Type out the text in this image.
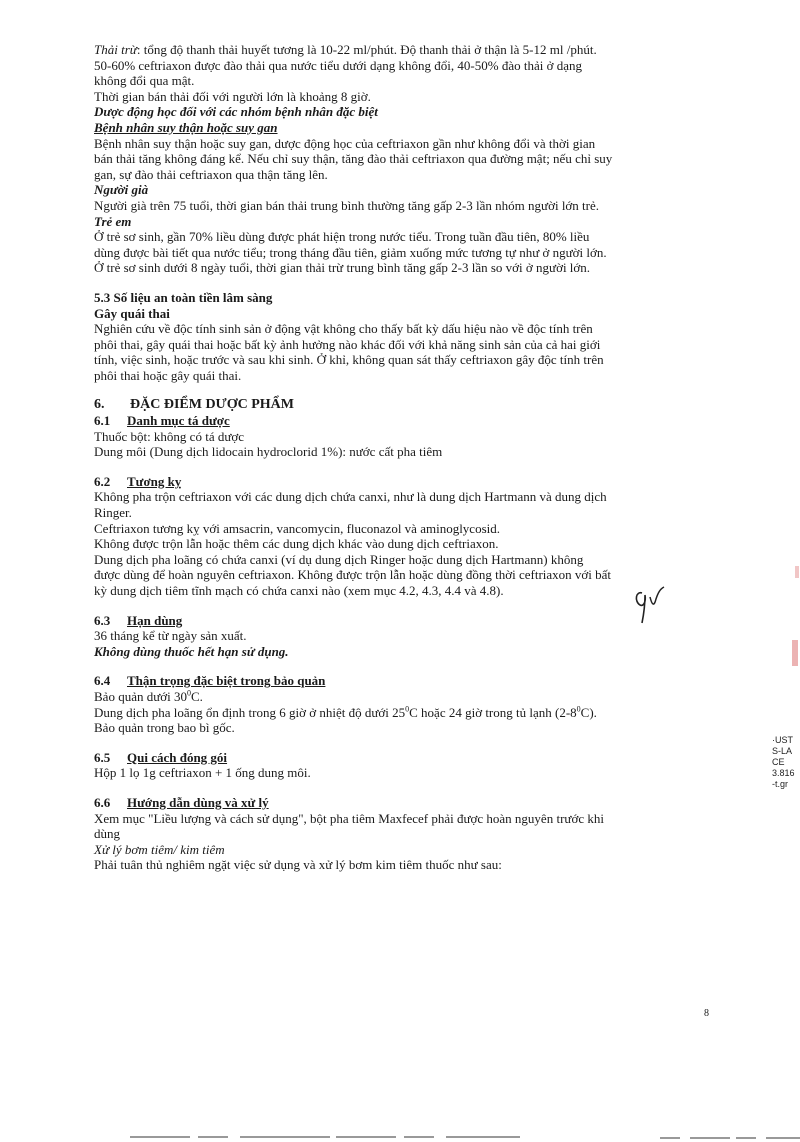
Thải trừ: tổng độ thanh thải huyết tương là 10-22 ml/phút. Độ thanh thải ở thận là 5-12 ml /phút.

50-60% ceftriaxon được đào thải qua nước tiểu dưới dạng không đổi, 40-50% đào thải ở dạng

không đổi qua mật.

Thời gian bán thải đối với người lớn là khoảng 8 giờ.

Dược động học đối với các nhóm bệnh nhân đặc biệt

Bệnh nhân suy thận hoặc suy gan

Bệnh nhân suy thận hoặc suy gan, dược động học của ceftriaxon gần như không đổi và thời gian

bán thải tăng không đáng kể. Nếu chỉ suy thận, tăng đào thải ceftriaxon qua đường mật; nếu chỉ suy

gan, sự đào thải ceftriaxon qua thận tăng lên.

Người già

Người già trên 75 tuổi, thời gian bán thải trung bình thường tăng gấp 2-3 lần nhóm người lớn trẻ.

Trẻ em

Ở trẻ sơ sinh, gần 70% liều dùng được phát hiện trong nước tiểu. Trong tuần đầu tiên, 80% liều

dùng được bài tiết qua nước tiểu; trong tháng đầu tiên, giảm xuống mức tương tự như ở người lớn.

Ở trẻ sơ sinh dưới 8 ngày tuổi, thời gian thải trừ trung bình tăng gấp 2-3 lần so với ở người lớn.

5.3 Số liệu an toàn tiền lâm sàng

Gây quái thai

Nghiên cứu về độc tính sinh sản ở động vật không cho thấy bất kỳ dấu hiệu nào về độc tính trên

phôi thai, gây quái thai hoặc bất kỳ ảnh hưởng nào khác đối với khả năng sinh sản của cả hai giới

tính, việc sinh, hoặc trước và sau khi sinh. Ở khỉ, không quan sát thấy ceftriaxon gây độc tính trên

phôi thai hoặc gây quái thai.

6. ĐẶC ĐIỂM DƯỢC PHẨM

6.1 Danh mục tá dược

Thuốc bột: không có tá dược

Dung môi (Dung dịch lidocain hydroclorid 1%): nước cất pha tiêm

6.2 Tương kỵ

Không pha trộn ceftriaxon với các dung dịch chứa canxi, như là dung dịch Hartmann và dung dịch

Ringer.

Ceftriaxon tương kỵ với amsacrin, vancomycin, fluconazol và aminoglycosid.

Không được trộn lẫn hoặc thêm các dung dịch khác vào dung dịch ceftriaxon.

Dung dịch pha loãng có chứa canxi (ví dụ dung dịch Ringer hoặc dung dịch Hartmann) không

được dùng để hoàn nguyên ceftriaxon. Không được trộn lẫn hoặc dùng đồng thời ceftriaxon với bất

kỳ dung dịch tiêm tĩnh mạch có chứa canxi nào (xem mục 4.2, 4.3, 4.4 và 4.8).

6.3 Hạn dùng

36 tháng kể từ ngày sản xuất.

Không dùng thuốc hết hạn sử dụng.

6.4 Thận trọng đặc biệt trong bảo quản

Bảo quản dưới $30^0C$.

Dung dịch pha loãng ổn định trong 6 giờ ở nhiệt độ dưới $25^0C$ hoặc 24 giờ trong tủ lạnh $(2-8^0C)$.

Bảo quản trong bao bì gốc.

6.5 Qui cách đóng gói

Hộp 1 lọ 1g ceftriaxon + 1 ống dung môi.

6.6 Hướng dẫn dùng và xử lý

Xem mục "Liều lượng và cách sử dụng", bột pha tiêm Maxfecef phải được hoàn nguyên trước khi

dùng

Xử lý bơm tiêm/ kim tiêm

Phải tuân thủ nghiêm ngặt việc sử dụng và xử lý bơm kim tiêm thuốc như sau:

·UST
S-LA
CE
3.816
-t.gr
8
